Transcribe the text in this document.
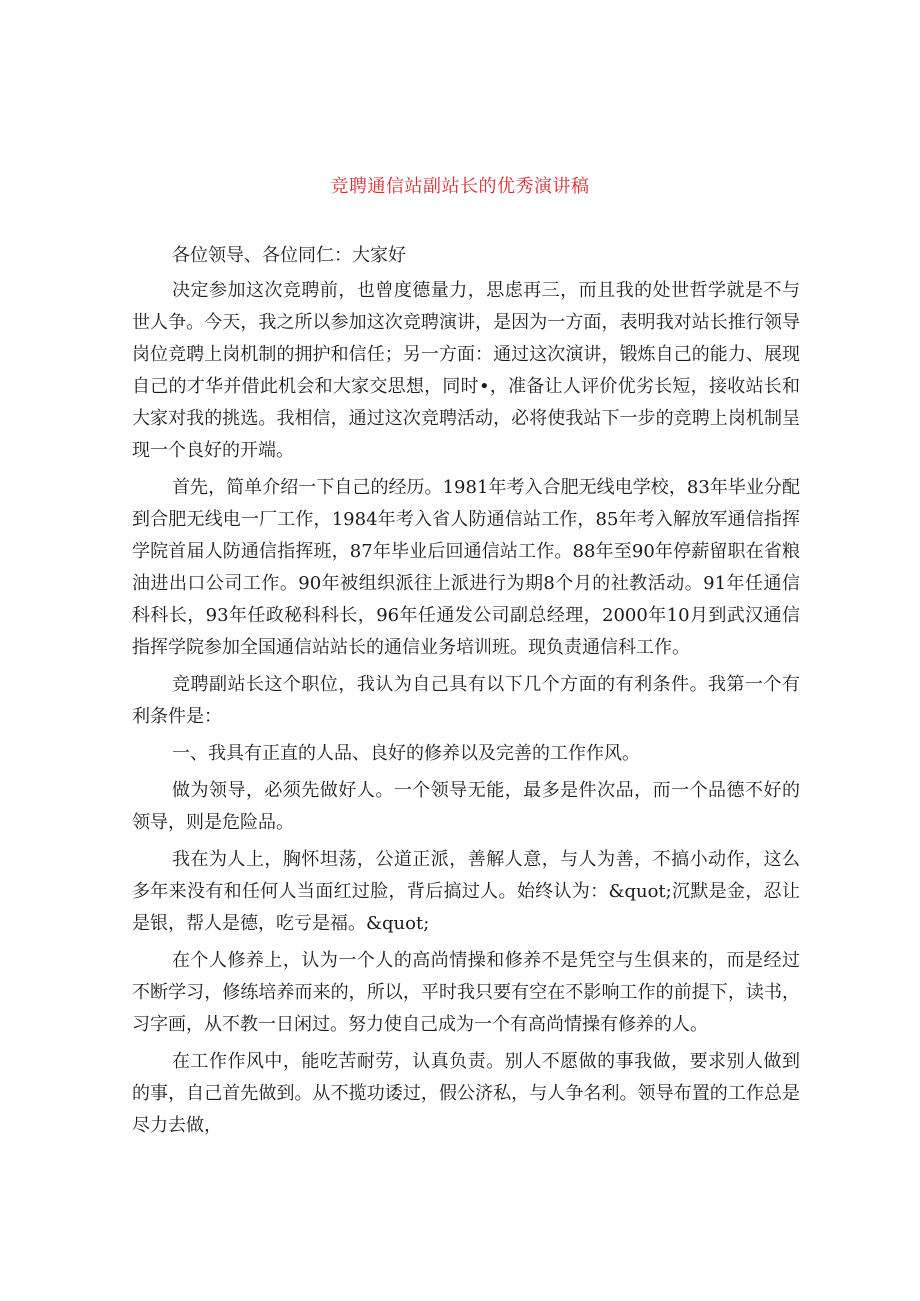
竞聘通信站副站长的优秀演讲稿

各位领导、各位同仁：大家好

决定参加这次竞聘前，也曾度德量力，思虑再三，而且我的处世哲学就是不与世人争。今天，我之所以参加这次竞聘演讲，是因为一方面，表明我对站长推行领导岗位竞聘上岗机制的拥护和信任；另一方面：通过这次演讲，锻炼自己的能力、展现自己的才华并借此机会和大家交思想，同时•，准备让人评价优劣长短，接收站长和大家对我的挑选。我相信，通过这次竞聘活动，必将使我站下一步的竞聘上岗机制呈现一个良好的开端。

首先，简单介绍一下自己的经历。1981年考入合肥无线电学校，83年毕业分配到合肥无线电一厂工作，1984年考入省人防通信站工作，85年考入解放军通信指挥学院首届人防通信指挥班，87年毕业后回通信站工作。88年至90年停薪留职在省粮油进出口公司工作。90年被组织派往上派进行为期8个月的社教活动。91年任通信科科长，93年任政秘科科长，96年任通发公司副总经理，2000年10月到武汉通信指挥学院参加全国通信站站长的通信业务培训班。现负责通信科工作。

竞聘副站长这个职位，我认为自己具有以下几个方面的有利条件。我第一个有利条件是：

一、我具有正直的人品、良好的修养以及完善的工作作风。

做为领导，必须先做好人。一个领导无能，最多是件次品，而一个品德不好的领导，则是危险品。

我在为人上，胸怀坦荡，公道正派，善解人意，与人为善，不搞小动作，这么多年来没有和任何人当面红过脸，背后搞过人。始终认为：&quot;沉默是金，忍让是银，帮人是德，吃亏是福。&quot;

在个人修养上，认为一个人的高尚情操和修养不是凭空与生俱来的，而是经过不断学习，修练培养而来的，所以，平时我只要有空在不影响工作的前提下，读书，习字画，从不教一日闲过。努力使自己成为一个有高尚情操有修养的人。

在工作作风中，能吃苦耐劳，认真负责。别人不愿做的事我做，要求别人做到的事，自己首先做到。从不揽功诿过，假公济私，与人争名利。领导布置的工作总是尽力去做，
